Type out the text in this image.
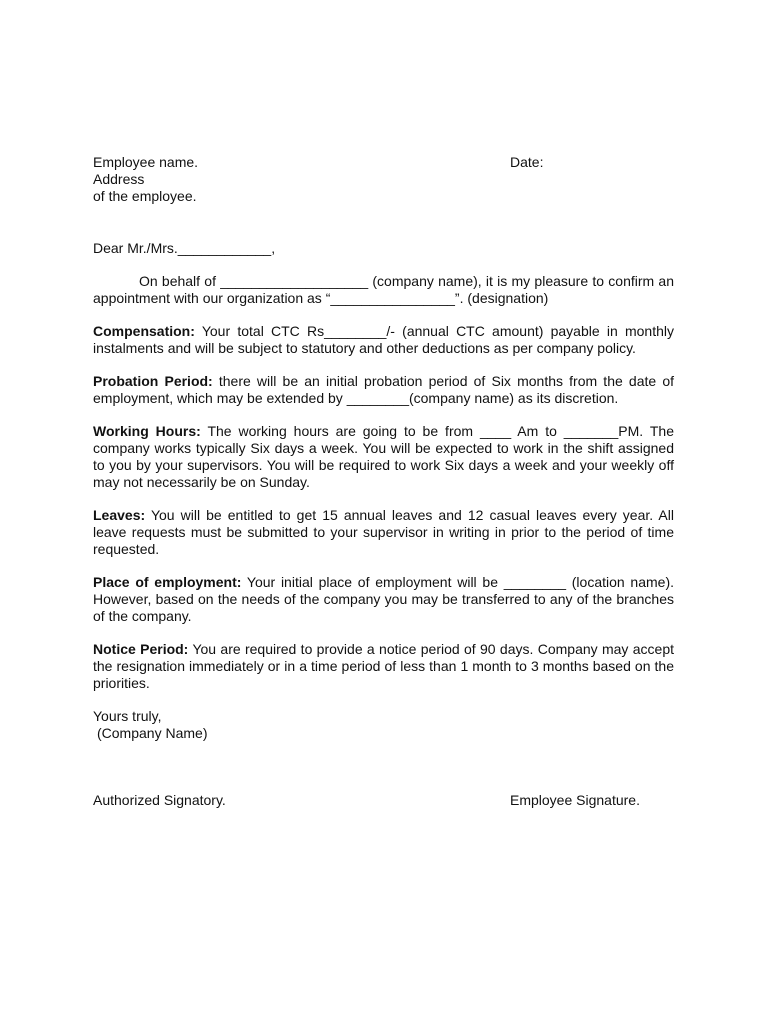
Employee name.
Address
of the employee.
Date:

Dear Mr./Mrs.____________,

On behalf of ___________________ (company name), it is my pleasure to confirm an appointment with our organization as “________________”. (designation)

Compensation: Your total CTC Rs________/- (annual CTC amount) payable in monthly instalments and will be subject to statutory and other deductions as per company policy.

Probation Period: there will be an initial probation period of Six months from the date of employment, which may be extended by ________(company name) as its discretion.

Working Hours: The working hours are going to be from ____ Am to _______PM. The company works typically Six days a week. You will be expected to work in the shift assigned to you by your supervisors. You will be required to work Six days a week and your weekly off may not necessarily be on Sunday.

Leaves: You will be entitled to get 15 annual leaves and 12 casual leaves every year. All leave requests must be submitted to your supervisor in writing in prior to the period of time requested.

Place of employment: Your initial place of employment will be ________ (location name). However, based on the needs of the company you may be transferred to any of the branches of the company.

Notice Period: You are required to provide a notice period of 90 days. Company may accept the resignation immediately or in a time period of less than 1 month to 3 months based on the priorities.

Yours truly,
(Company Name)
Authorized Signatory.	Employee Signature.
